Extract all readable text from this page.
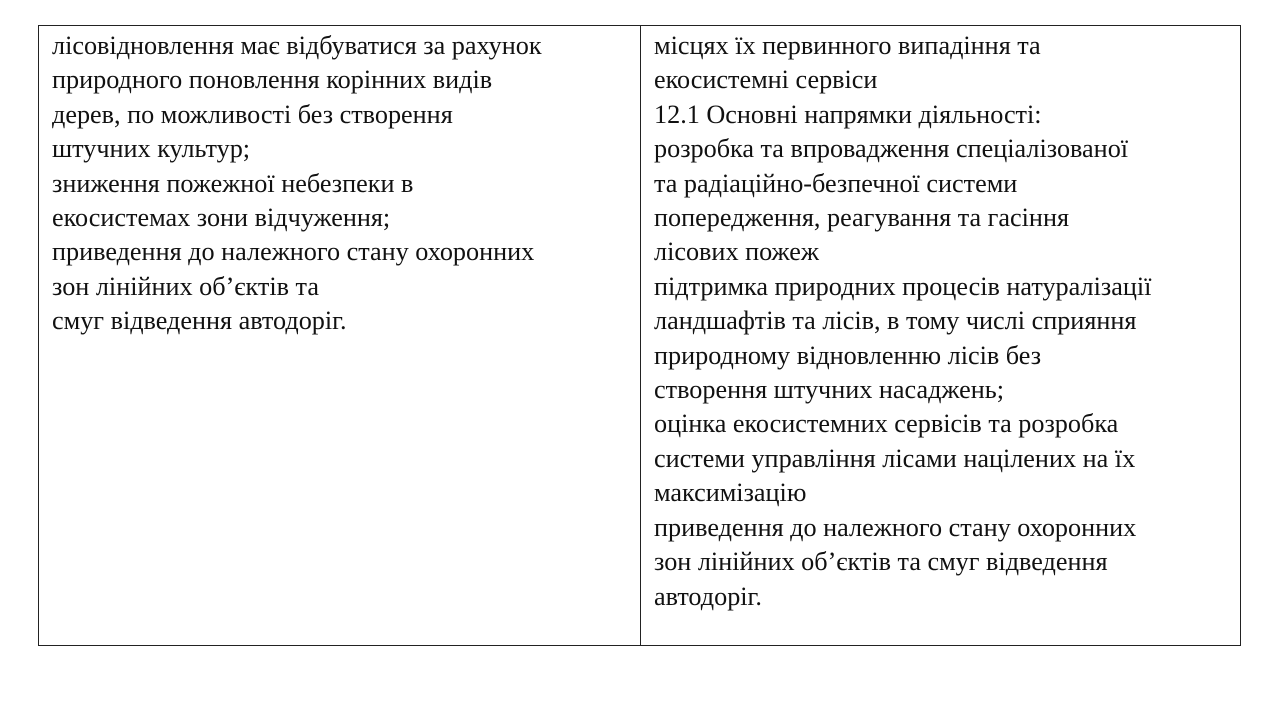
лісовідновлення має відбуватися за рахунок
природного поновлення корінних видів
дерев, по можливості без створення
штучних культур;
зниження пожежної небезпеки в
екосистемах зони відчуження;
приведення до належного стану охоронних
зон лінійних об’єктів та
смуг відведення автодоріг.
місцях їх первинного випадіння та
екосистемні сервіси
12.1 Основні напрямки діяльності:
розробка та впровадження спеціалізованої
та радіаційно-безпечної системи
попередження, реагування та гасіння
лісових пожеж
підтримка природних процесів натуралізації
ландшафтів та лісів, в тому числі сприяння
природному відновленню лісів без
створення штучних насаджень;
оцінка екосистемних сервісів та розробка
системи управління лісами націлених на їх
максимізацію
приведення до належного стану охоронних
зон лінійних об’єктів та смуг відведення
автодоріг.
